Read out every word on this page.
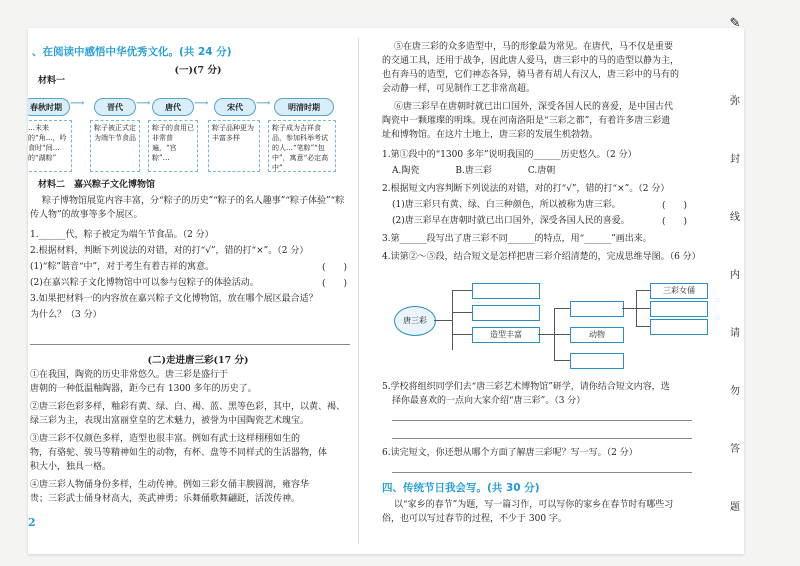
、在阅读中感悟中华优秀文化。(共 24 分)
(一)(7 分)
材料一
春秋时期 ⟶	晋代	⟶	唐代	⟶	宋代	⟶	明清时期
…末来的“角…，吟食时“间…的“湖粽”
粽子被正式定为端午节食品
粽子的食用已非常普遍，“宫粽”…
粽子品种更为丰富多样
粽子成为吉祥食品，参加科举考试的人…“笔粽”“包中”，寓意“必定高中”
材料二　嘉兴粽子文化博物馆
粽子博物馆展览内容丰富，分“粽子的历史”“粽子的名人趣事”“粽子体验”“粽
传人物”的故事等多个展区。
1.______代，粽子被定为端午节食品。（2 分）
2.根据材料，判断下列说法的对错，对的打“√”，错的打“×”。（2 分）
(1)“粽”谐音“中”，对于考生有着吉祥的寓意。	(　　)
(2)在嘉兴粽子文化博物馆中可以参与包粽子的体验活动。	(　　)
3.如果把材料一的内容放在嘉兴粽子文化博物馆，放在哪个展区最合适？
为什么？（3 分）
(二)走进唐三彩(17 分)
①在我国，陶瓷的历史非常悠久。唐三彩是盛行于
唐朝的一种低温釉陶器，距今已有 1300 多年的历史了。
②唐三彩色彩多样，釉彩有黄、绿、白、褐、蓝、黑等色彩，其中，以黄、褐、
绿三彩为主，表现出富丽堂皇的艺术魅力，被誉为中国陶瓷艺术瑰宝。
③唐三彩不仅颜色多样，造型也很丰富。例如有武士这样栩栩如生的
物，有骆驼、骏马等精神如生的动物，有杯、盘等不同样式的生活器物，体
积大小，独具一格。
④唐三彩人物俑身份多样，生动传神。例如三彩女俑丰腴圆润，雍容华
贵；三彩武士俑身材高大，英武神勇；乐舞俑歌舞翩跹，活泼传神。
2
⑤在唐三彩的众多造型中，马的形象最为常见。在唐代，马不仅是重要
的交通工具，还用于战争，因此唐人爱马，唐三彩中的马的造型以静为主，
也有奔马的造型，它们神态各异，骑马者有胡人有汉人，唐三彩中的马有的
会动静一样，可见制作工艺非常高超。
⑥唐三彩早在唐朝时就已出口国外，深受各国人民的喜爱，是中国古代
陶瓷中一颗璀璨的明珠。现在河南洛阳是“三彩之都”，有着许多唐三彩遗
址和博物馆。在这片土地上，唐三彩的发展生机勃勃。
1.第①段中的“1300 多年”说明我国的______历史悠久。（2 分）
A.陶瓷　　　　B.唐三彩　　　　C.唐朝
2.根据短文内容判断下列说法的对错，对的打“√”，错的打“×”。（2 分）
(1)唐三彩只有黄、绿、白三种颜色，所以被称为唐三彩。	(　　)
(2)唐三彩早在唐朝时就已出口国外，深受各国人民的喜爱。	(　　)
3.第______段写出了唐三彩不同______的特点，用“______”画出来。
4.读第②～⑤段，结合短文是怎样把唐三彩介绍清楚的，完成思维导图。（6 分）
唐三彩
造型丰富	动物
三彩女俑
5.学校将组织同学们去“唐三彩艺术博物馆”研学，请你结合短文内容，选
择你最喜欢的一点向大家介绍“唐三彩”。（3 分）
6.读完短文，你还想从哪个方面了解唐三彩呢？写一写。（2 分）
四、传统节日我会写。(共 30 分)
以“家乡的春节”为题，写一篇习作，可以写你的家乡在春节时有哪些习
俗，也可以写过春节的过程，不少于 300 字。
✎
弥
封
线
内
请
勿
答
题
